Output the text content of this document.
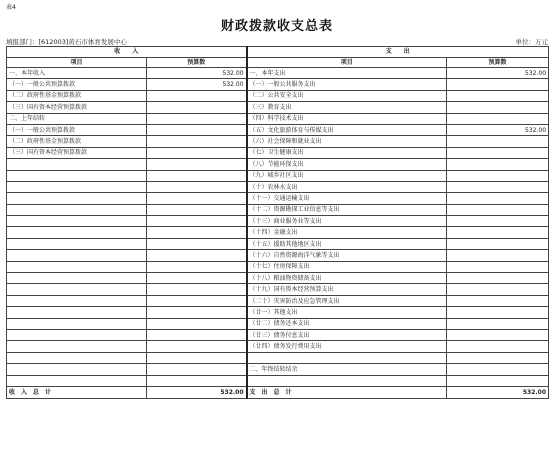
表4
财政拨款收支总表
填报部门：[612003]黄石市体育发展中心	单位：万元
收　　入		支　　出	
项目	预算数	项目	预算数
一、本年收入	532.00	一、本年支出	532.00
（一）一般公共预算拨款	532.00	（一）一般公共服务支出	
（二）政府性基金预算拨款		（二）公共安全支出	
（三）国有资本经营预算拨款		（三）教育支出	
二、上年结转		（四）科学技术支出	
（一）一般公共预算拨款		（五）文化旅游体育与传媒支出	532.00
（二）政府性基金预算拨款		（六）社会保障和就业支出	
（三）国有资本经营预算拨款		（七）卫生健康支出	
		（八）节能环保支出	
		（九）城乡社区支出	
		（十）农林水支出	
		（十一）交通运输支出	
		（十二）资源勘探工业信息等支出	
		（十三）商业服务业等支出	
		（十四）金融支出	
		（十五）援助其他地区支出	
		（十六）自然资源海洋气象等支出	
		（十七）住房保障支出	
		（十八）粮油物资储备支出	
		（十九）国有资本经营预算支出	
		（二十）灾害防治及应急管理支出	
		（廿一）其他支出	
		（廿二）债务还本支出	
		（廿三）债务付息支出	
		（廿四）债务发行费用支出	

		二、年终结转结余	

收　入　总　计	532.00	支　出　总　计	532.00
